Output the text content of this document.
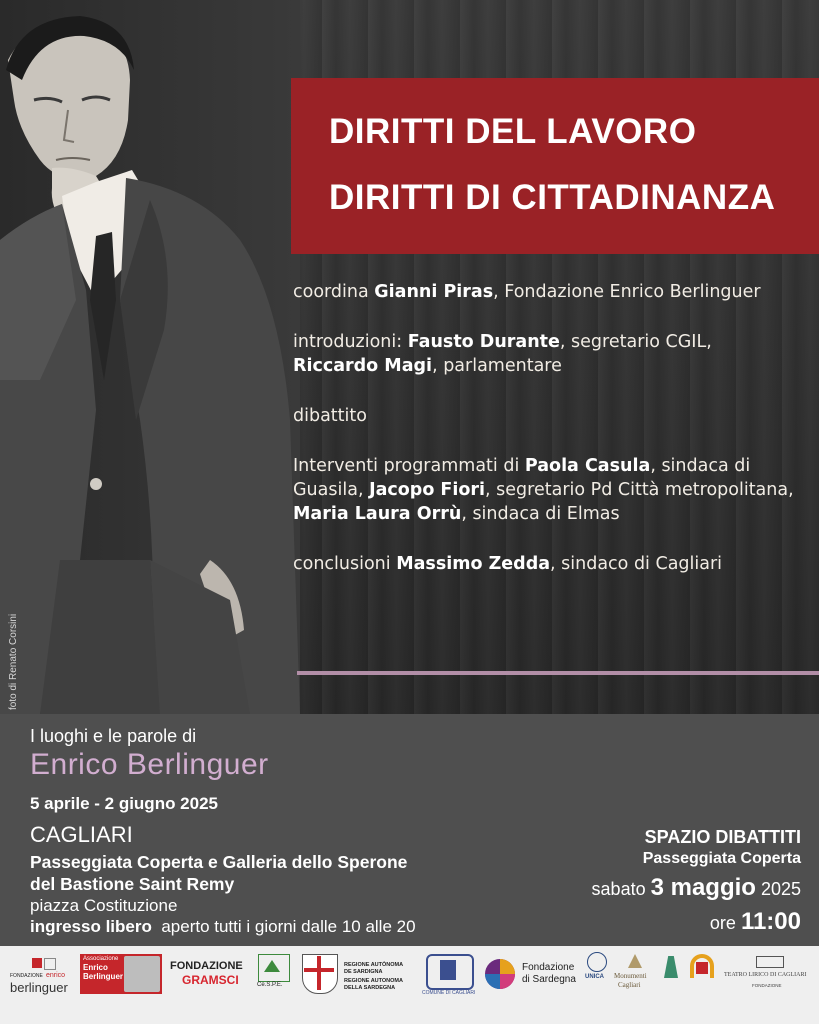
foto di Renato Corsini
DIRITTI DEL LAVORO
DIRITTI DI CITTADINANZA

coordina Gianni Piras, Fondazione Enrico Berlinguer

introduzioni: Fausto Durante, segretario CGIL, Riccardo Magi, parlamentare

dibattito

Interventi programmati di Paola Casula, sindaca di Guasila, Jacopo Fiori, segretario Pd Città metropolitana, Maria Laura Orrù, sindaca di Elmas

conclusioni Massimo Zedda, sindaco di Cagliari

I luoghi e le parole di
Enrico Berlinguer
5 aprile - 2 giugno 2025
CAGLIARI
Passeggiata Coperta e Galleria dello Sperone
del Bastione Saint Remy
piazza Costituzione
ingresso libero aperto tutti i giorni dalle 10 alle 20
SPAZIO DIBATTITI
Passeggiata Coperta
sabato 3 maggio 2025
ore 11:00
FONDAZIONE enrico
berlinguer
Associazione
Enrico
Berlinguer
FONDAZIONE
GRAMSCI	Ce.S.P.E.
REGIONE AUTÒNOMA
DE SARDIGNA
REGIONE AUTONOMA
DELLA SARDEGNA
COMUNE DI CAGLIARI
Fondazione
di Sardegna UNICA Monumenti
Cagliari
TEATRO LIRICO DI CAGLIARI
FONDAZIONE
